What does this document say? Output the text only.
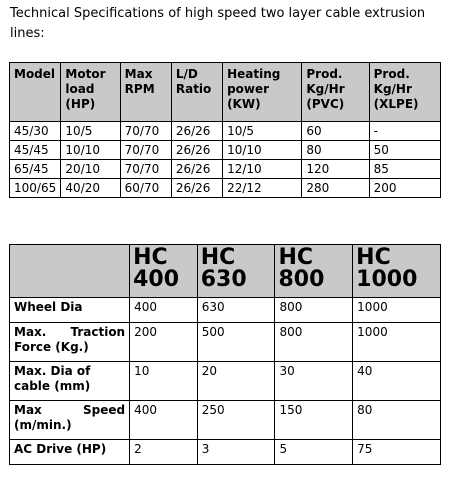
Technical Specifications of high speed two layer cable extrusion lines:

Model	Motor load (HP)	Max RPM	L/D Ratio	Heating power (KW)	Prod. Kg/Hr (PVC)	Prod. Kg/Hr (XLPE)
45/30	10/5	70/70	26/26	10/5	60	-
45/45	10/10	70/70	26/26	10/10	80	50
65/45	20/10	70/70	26/26	12/10	120	85
100/65	40/20	60/70	26/26	22/12	280	200

	HC 400	HC 630	HC 800	HC 1000

Wheel Dia	400	630	800	1000
Max. Traction Force (Kg.)	200	500	800	1000
Max. Dia of cable (mm)	10	20	30	40
Max Speed (m/min.)	400	250	150	80
AC Drive (HP)	2	3	5	75
